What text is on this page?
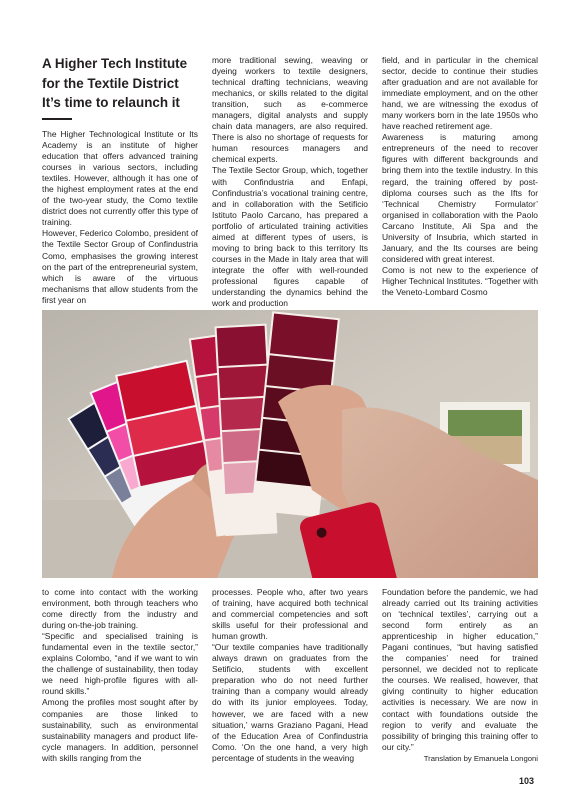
A Higher Tech Institute
for the Textile District
It’s time to relaunch it

The Higher Technological Institute or Its Academy is an institute of higher education that offers advanced training courses in various sectors, including textiles. However, although it has one of the highest employment rates at the end of the two-year study, the Como textile district does not currently offer this type of training.

However, Federico Colombo, president of the Textile Sector Group of Confindustria Como, emphasises the growing interest on the part of the entrepreneurial system, which is aware of the virtuous mechanisms that allow students from the first year on

more traditional sewing, weaving or dyeing workers to textile designers, technical drafting technicians, weaving mechanics, or skills related to the digital transition, such as e-commerce managers, digital analysts and supply chain data managers, are also required. There is also no shortage of requests for human resources managers and chemical experts.

The Textile Sector Group, which, together with Confindustria and Enfapi, Confindustria’s vocational training centre, and in collaboration with the Setificio Istituto Paolo Carcano, has prepared a portfolio of articulated training activities aimed at different types of users, is moving to bring back to this territory Its courses in the Made in Italy area that will integrate the offer with well-rounded professional figures capable of understanding the dynamics behind the work and production

field, and in particular in the chemical sector, decide to continue their studies after graduation and are not available for immediate employment, and on the other hand, we are witnessing the exodus of many workers born in the late 1950s who have reached retirement age.

Awareness is maturing among entrepreneurs of the need to recover figures with different backgrounds and bring them into the textile industry. In this regard, the training offered by post-diploma courses such as the Ifts for ‘Technical Chemistry Formulator’ organised in collaboration with the Paolo Carcano Institute, Ali Spa and the University of Insubria, which started in January, and the Its courses are being considered with great interest.

Como is not new to the experience of Higher Technical Institutes. “Together with the Veneto-Lombard Cosmo

to come into contact with the working environment, both through teachers who come directly from the industry and during on-the-job training.

“Specific and specialised training is fundamental even in the textile sector,” explains Colombo, “and if we want to win the challenge of sustainability, then today we need high-profile figures with all-round skills.”

Among the profiles most sought after by companies are those linked to sustainability, such as environmental sustainability managers and product life-cycle managers. In addition, personnel with skills ranging from the

processes. People who, after two years of training, have acquired both technical and commercial competencies and soft skills useful for their professional and human growth.

“Our textile companies have traditionally always drawn on graduates from the Setificio, students with excellent preparation who do not need further training than a company would already do with its junior employees. Today, however, we are faced with a new situation,’ warns Graziano Pagani, Head of the Education Area of Confindustria Como. ‘On the one hand, a very high percentage of students in the weaving

Foundation before the pandemic, we had already carried out Its training activities on ‘technical textiles’, carrying out a second form entirely as an apprenticeship in higher education,” Pagani continues, “but having satisfied the companies’ need for trained personnel, we decided not to replicate the courses. We realised, however, that giving continuity to higher education activities is necessary. We are now in contact with foundations outside the region to verify and evaluate the possibility of bringing this training offer to our city.”

Translation by Emanuela Longoni

103
